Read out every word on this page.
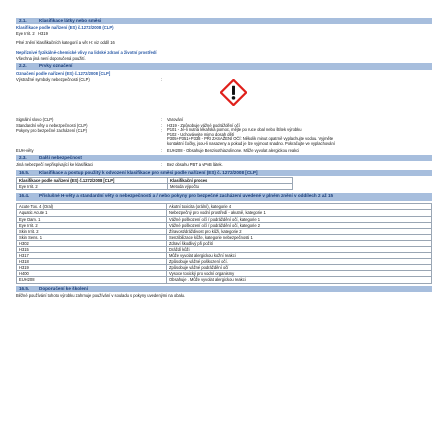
2.1.	Klasifikace látky nebo směsi
Klasifikace podle nařízení (ES) č.1272/2008 (CLP)
Eye Irrit. 2   H319
Plné znění klasifikačních kategorií a vět H: viz oddíl 16
Nepříznivé fyzikálně-chemické vlivy na lidské zdraví a životní prostředí
Všechna jiná není doporučená použití.
2.2.	Prvky označení
Označení podle nařízení (ES) č.1272/2008 [CLP]
Výstražné symboly nebezpečnosti (CLP)	:
Signální slovo (CLP)	:	Varování
Standardní věty o nebezpečnosti (CLP)	:	H319 - Způsobuje vážné podráždění očí
Pokyny pro bezpečné zacházení (CLP)	:	P101 - Je-li nutná lékařská pomoc, mějte po ruce obal nebo štítek výrobku
P102 - Uchovávejte mimo dosah dětí
P305+P351+P338 - PŘI ZASAŽENÍ OČÍ: Několik minut opatrně vyplachujte vodou. Vyjměte
kontaktní čočky, jsou-li nasazeny a pokud je lze vyjmout snadno. Pokračujte ve vyplachování
EUH-věty	:	EUH208 - Obsahuje Benzisothiazolinone. Může vyvolat alergickou reakci
2.3.	Další nebezpečnost
Jiná nebezpečí nepřispívající ke klasifikaci	:	Bez obsahu PBT a vPvB látek.
16.5. Klasifikace a postup použitý k odvození klasifikace pro směsi podle nařízení (ES) č. 1272/2008 [CLP]
Klasifikace podle nařízení (ES) č.1272/2008 [CLP]	Klasifikační proces
Eye Irrit. 2	Metoda výpočtu
16.4. Příslušné H-věty a standardní věty o nebezpečnosti a / nebo pokyny pro bezpečné zacházení uvedené v plném znění v oddílech 2 až 15
Acute Tox. 4 (Oral)	Akutní toxicita (orální), kategorie 4
Aquatic Acute 1	Nebezpečný pro vodní prostředí - akutně, kategorie 1
Eye Dam. 1	Vážné poškození očí / podráždění očí, kategorie 1
Eye Irrit. 2	Vážné poškození očí / podráždění očí, kategorie 2
Skin Irrit. 2	Žíravost/dráždivost pro kůži, kategorie 2
Skin Sens. 1	Senzibilizace kůže, kategorie nebezpečnosti 1
H302	Zdraví škodlivý při požití
H315	Dráždí kůži
H317	Může vyvolat alergickou kožní reakci
H318	Způsobuje vážné poškození očí.
H319	Způsobuje vážné podráždění očí
H400	Vysoce toxický pro vodní organismy
EUH208	Obsahuje . Může vyvolat alergickou reakci
16.5. Doporučení ke školení
Běžné používání tohoto výrobku zahrnuje používání v souladu s pokyny uvedenými na obalu.
